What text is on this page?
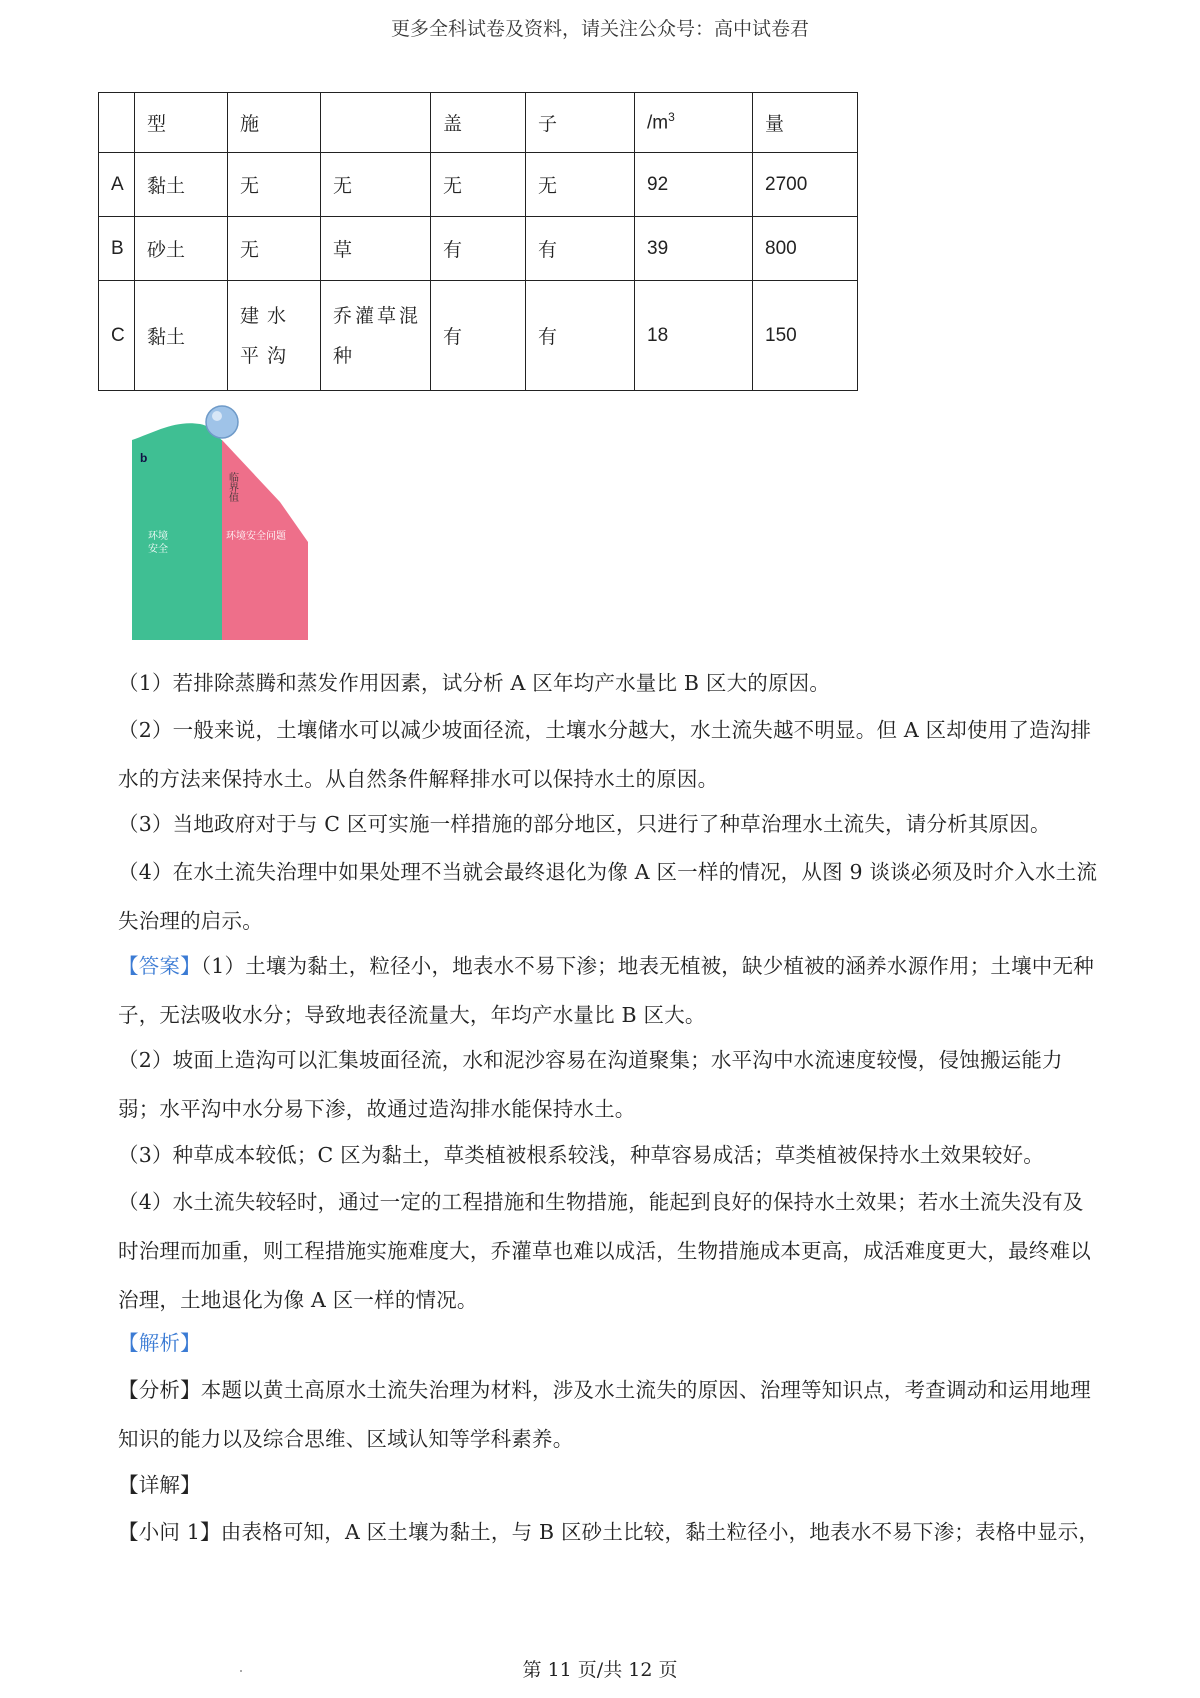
更多全科试卷及资料，请关注公众号：高中试卷君
	型	施		盖	子	$/m^3$	量
A	黏土	无	无	无	无	92	2700
B	砂土	无	草	有	有	39	800
C	黏土	建水平沟	乔灌草混种	有	有	18	150
b
临界值
环境安全
环境安全问题
（1）若排除蒸腾和蒸发作用因素，试分析 A 区年均产水量比 B 区大的原因。
（2）一般来说，土壤储水可以减少坡面径流，土壤水分越大，水土流失越不明显。但 A 区却使用了造沟排水的方法来保持水土。从自然条件解释排水可以保持水土的原因。
（3）当地政府对于与 C 区可实施一样措施的部分地区，只进行了种草治理水土流失，请分析其原因。
（4）在水土流失治理中如果处理不当就会最终退化为像 A 区一样的情况，从图 9 谈谈必须及时介入水土流失治理的启示。
【答案】（1）土壤为黏土，粒径小，地表水不易下渗；地表无植被，缺少植被的涵养水源作用；土壤中无种子，无法吸收水分；导致地表径流量大，年均产水量比 B 区大。
（2）坡面上造沟可以汇集坡面径流，水和泥沙容易在沟道聚集；水平沟中水流速度较慢，侵蚀搬运能力弱；水平沟中水分易下渗，故通过造沟排水能保持水土。
（3）种草成本较低；C 区为黏土，草类植被根系较浅，种草容易成活；草类植被保持水土效果较好。
（4）水土流失较轻时，通过一定的工程措施和生物措施，能起到良好的保持水土效果；若水土流失没有及时治理而加重，则工程措施实施难度大，乔灌草也难以成活，生物措施成本更高，成活难度更大，最终难以治理，土地退化为像 A 区一样的情况。
【解析】
【分析】本题以黄土高原水土流失治理为材料，涉及水土流失的原因、治理等知识点，考查调动和运用地理知识的能力以及综合思维、区域认知等学科素养。
【详解】
【小问 1】由表格可知，A 区土壤为黏土，与 B 区砂土比较，黏土粒径小，地表水不易下渗；表格中显示，
第 11 页/共 12 页
